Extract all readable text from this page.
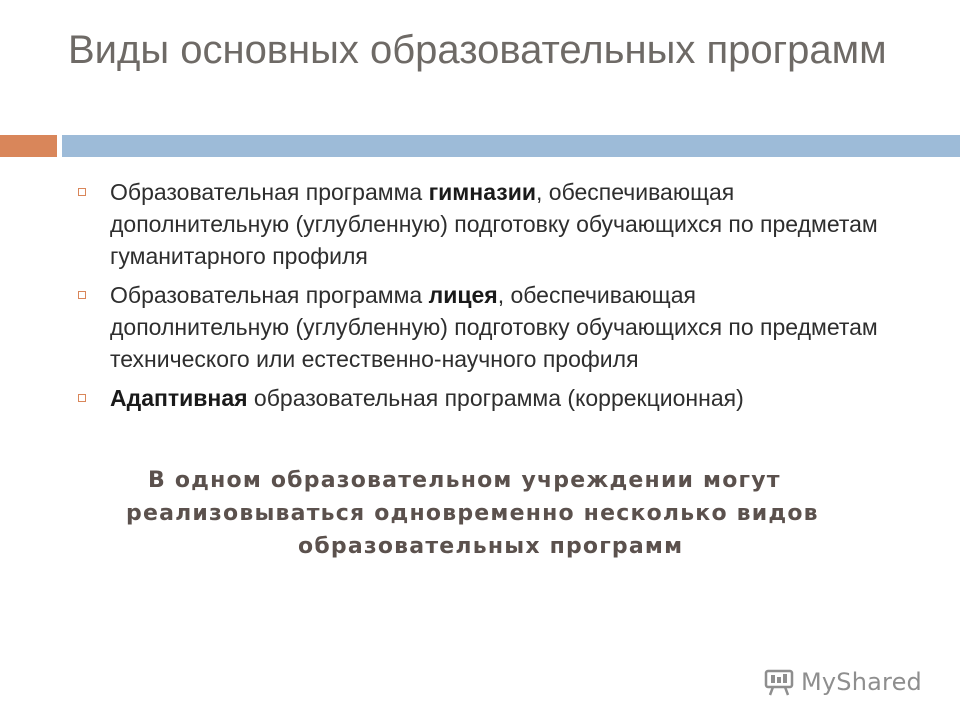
Виды основных образовательных программ
Образовательная программа гимназии, обеспечивающая дополнительную (углубленную) подготовку обучающихся по предметам гуманитарного профиля
Образовательная программа лицея, обеспечивающая дополнительную (углубленную) подготовку обучающихся по предметам технического или естественно-научного профиля
Адаптивная образовательная программа (коррекционная)

В одном образовательном учреждении могут
реализовываться одновременно несколько видов
образовательных программ

MyShared
